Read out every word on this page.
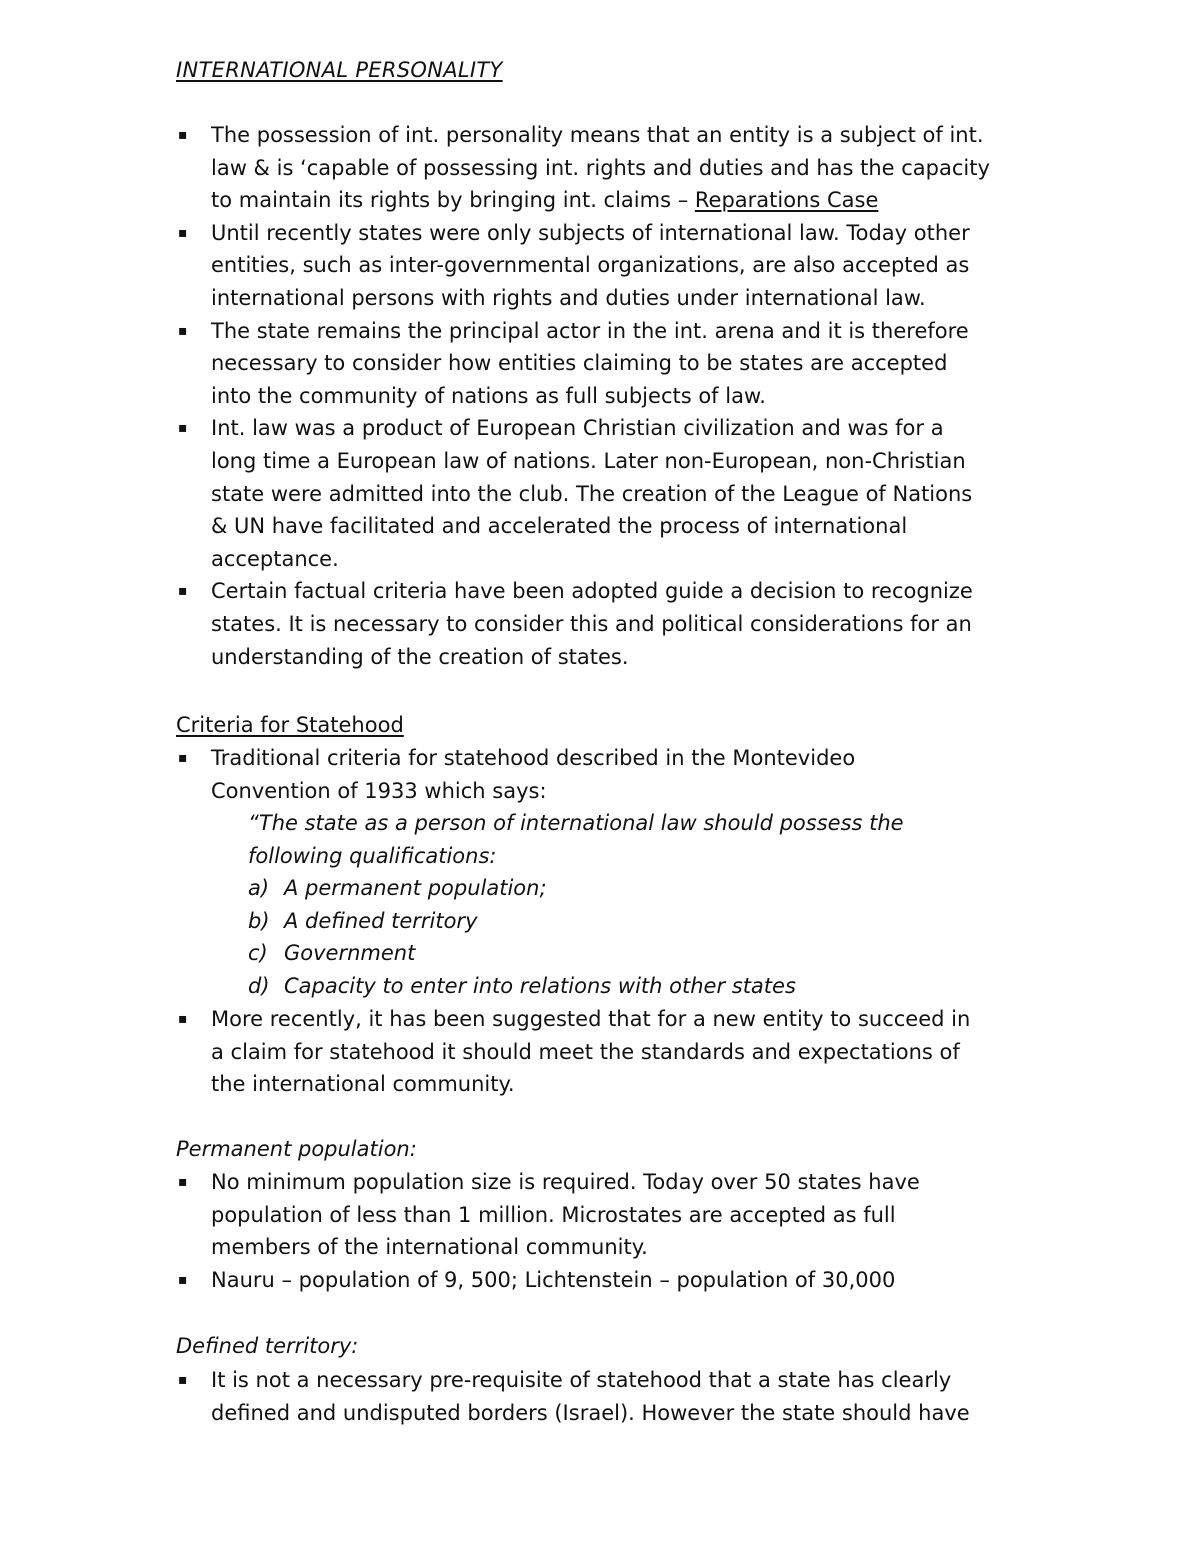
INTERNATIONAL PERSONALITY
▪ The possession of int. personality means that an entity is a subject of int.
law & is ‘capable of possessing int. rights and duties and has the capacity
to maintain its rights by bringing int. claims – Reparations Case
▪ Until recently states were only subjects of international law. Today other
entities, such as inter-governmental organizations, are also accepted as
international persons with rights and duties under international law.
▪ The state remains the principal actor in the int. arena and it is therefore
necessary to consider how entities claiming to be states are accepted
into the community of nations as full subjects of law.
▪ Int. law was a product of European Christian civilization and was for a
long time a European law of nations. Later non-European, non-Christian
state were admitted into the club. The creation of the League of Nations
& UN have facilitated and accelerated the process of international
acceptance.
▪ Certain factual criteria have been adopted guide a decision to recognize
states. It is necessary to consider this and political considerations for an
understanding of the creation of states.
Criteria for Statehood
▪ Traditional criteria for statehood described in the Montevideo
Convention of 1933 which says:
“The state as a person of international law should possess the
following qualifications:
a) A permanent population;
b) A defined territory
c) Government
d) Capacity to enter into relations with other states
▪ More recently, it has been suggested that for a new entity to succeed in
a claim for statehood it should meet the standards and expectations of
the international community.
Permanent population:
▪ No minimum population size is required. Today over 50 states have
population of less than 1 million. Microstates are accepted as full
members of the international community.
▪ Nauru – population of 9, 500; Lichtenstein – population of 30,000
Defined territory:
▪ It is not a necessary pre-requisite of statehood that a state has clearly
defined and undisputed borders (Israel). However the state should have
